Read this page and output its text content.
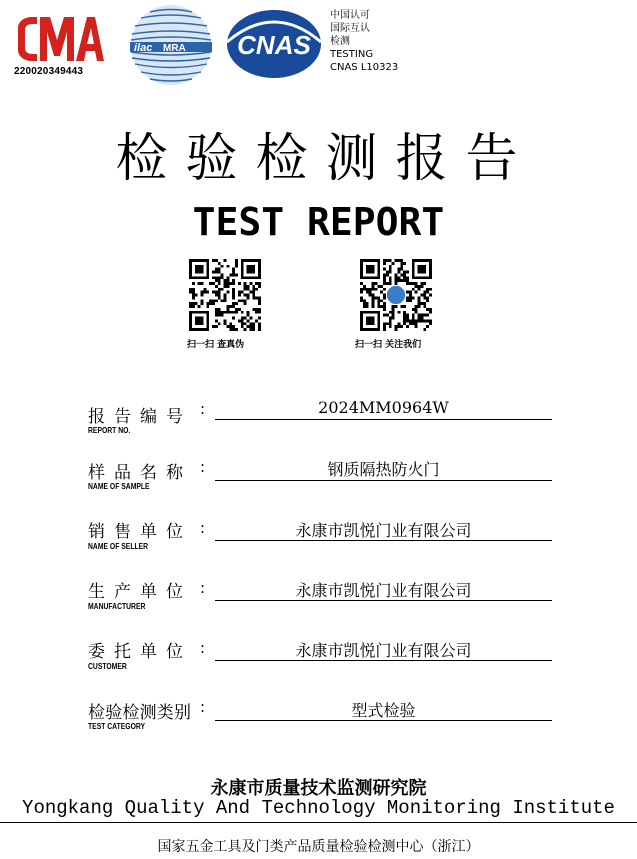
220020349443
ilac MRA CNAS
中国认可
国际互认
检测
TESTING
CNAS L10323
检验检测报告
TEST REPORT
扫一扫 查真伪	扫一扫 关注我们
报告编号 :
REPORT NO.
2024MM0964W
样品名称 :
NAME OF SAMPLE
钢质隔热防火门
销售单位 :
NAME OF SELLER
永康市凯悦门业有限公司
生产单位 :
MANUFACTURER
永康市凯悦门业有限公司
委托单位 :
CUSTOMER
永康市凯悦门业有限公司
检验检测类别 :
TEST CATEGORY
型式检验
永康市质量技术监测研究院
Yongkang Quality And Technology Monitoring Institute
国家五金工具及门类产品质量检验检测中心（浙江）
